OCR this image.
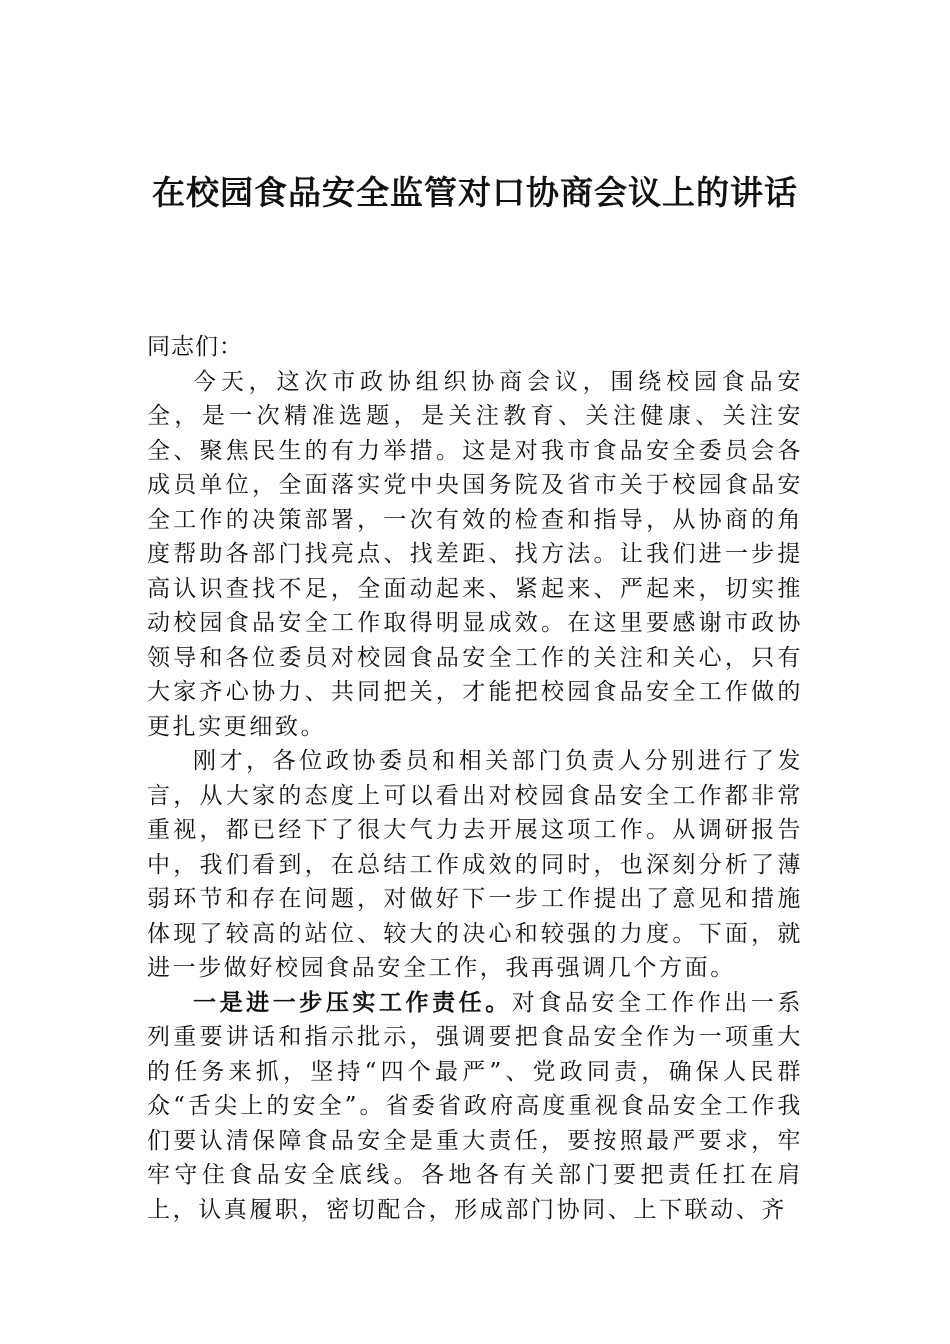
在校园食品安全监管对口协商会议上的讲话

同志们：

今天，这次市政协组织协商会议，围绕校园食品安全，是一次精准选题，是关注教育、关注健康、关注安全、聚焦民生的有力举措。这是对我市食品安全委员会各成员单位，全面落实党中央国务院及省市关于校园食品安全工作的决策部署，一次有效的检查和指导，从协商的角度帮助各部门找亮点、找差距、找方法。让我们进一步提高认识查找不足，全面动起来、紧起来、严起来，切实推动校园食品安全工作取得明显成效。在这里要感谢市政协领导和各位委员对校园食品安全工作的关注和关心，只有大家齐心协力、共同把关，才能把校园食品安全工作做的更扎实更细致。

刚才，各位政协委员和相关部门负责人分别进行了发言，从大家的态度上可以看出对校园食品安全工作都非常重视，都已经下了很大气力去开展这项工作。从调研报告中，我们看到，在总结工作成效的同时，也深刻分析了薄弱环节和存在问题，对做好下一步工作提出了意见和措施体现了较高的站位、较大的决心和较强的力度。下面，就进一步做好校园食品安全工作，我再强调几个方面。

一是进一步压实工作责任。对食品安全工作作出一系列重要讲话和指示批示，强调要把食品安全作为一项重大的任务来抓，坚持“四个最严”、党政同责，确保人民群众“舌尖上的安全”。省委省政府高度重视食品安全工作我们要认清保障食品安全是重大责任，要按照最严要求，牢牢守住食品安全底线。各地各有关部门要把责任扛在肩上，认真履职，密切配合，形成部门协同、上下联动、齐
